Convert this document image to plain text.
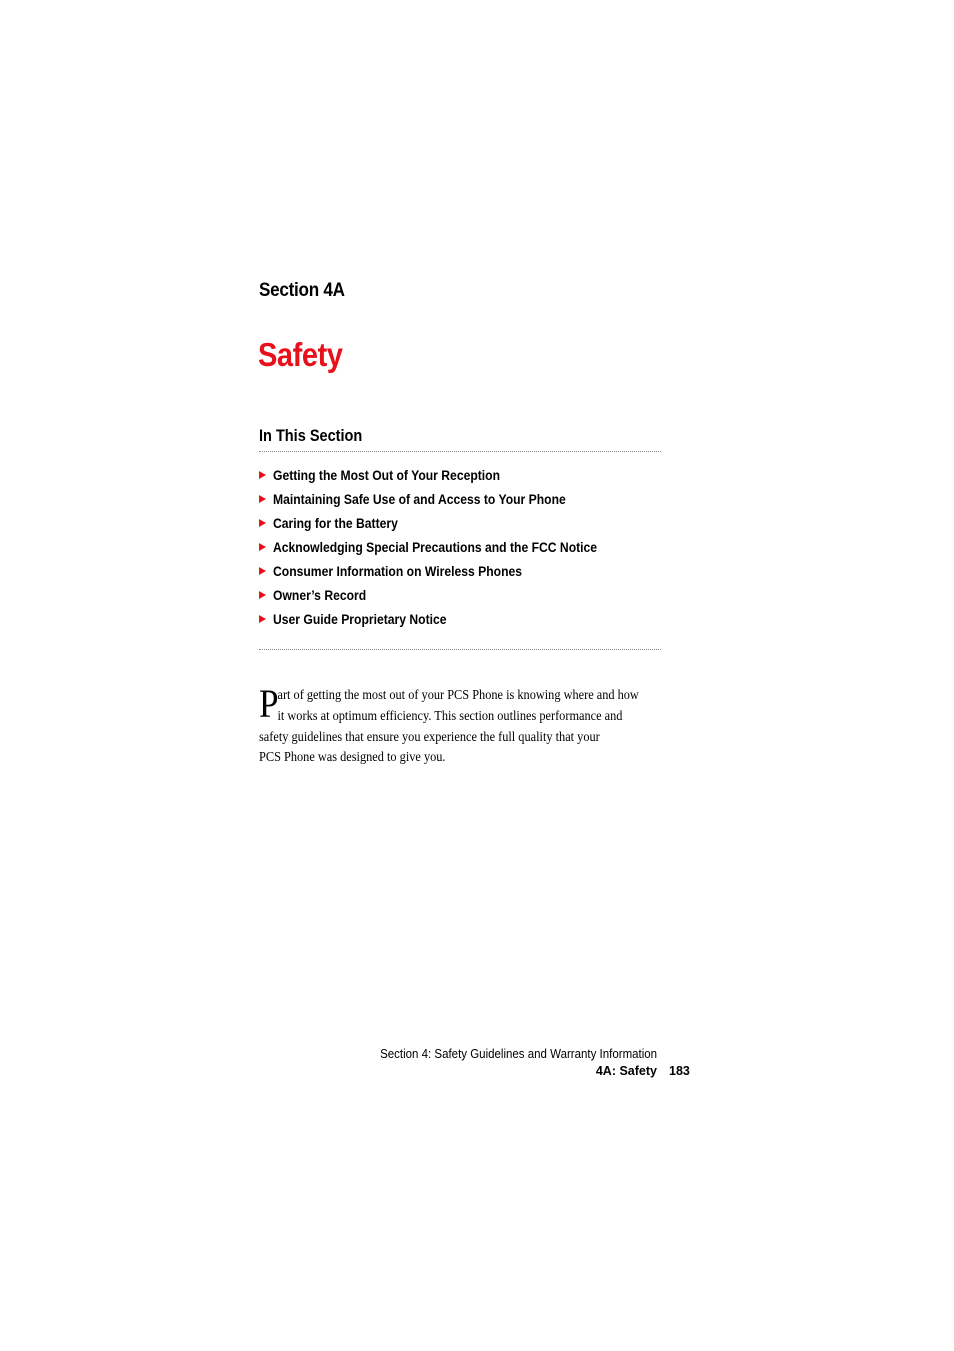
Section 4A
Safety
In This Section
Getting the Most Out of Your Reception
Maintaining Safe Use of and Access to Your Phone
Caring for the Battery
Acknowledging Special Precautions and the FCC Notice
Consumer Information on Wireless Phones
Owner’s Record
User Guide Proprietary Notice
P
art of getting the most out of your PCS Phone is knowing where and how
it works at optimum efficiency. This section outlines performance and
safety guidelines that ensure you experience the full quality that your
PCS Phone was designed to give you.
Section 4: Safety Guidelines and Warranty Information
4A: Safety 183
